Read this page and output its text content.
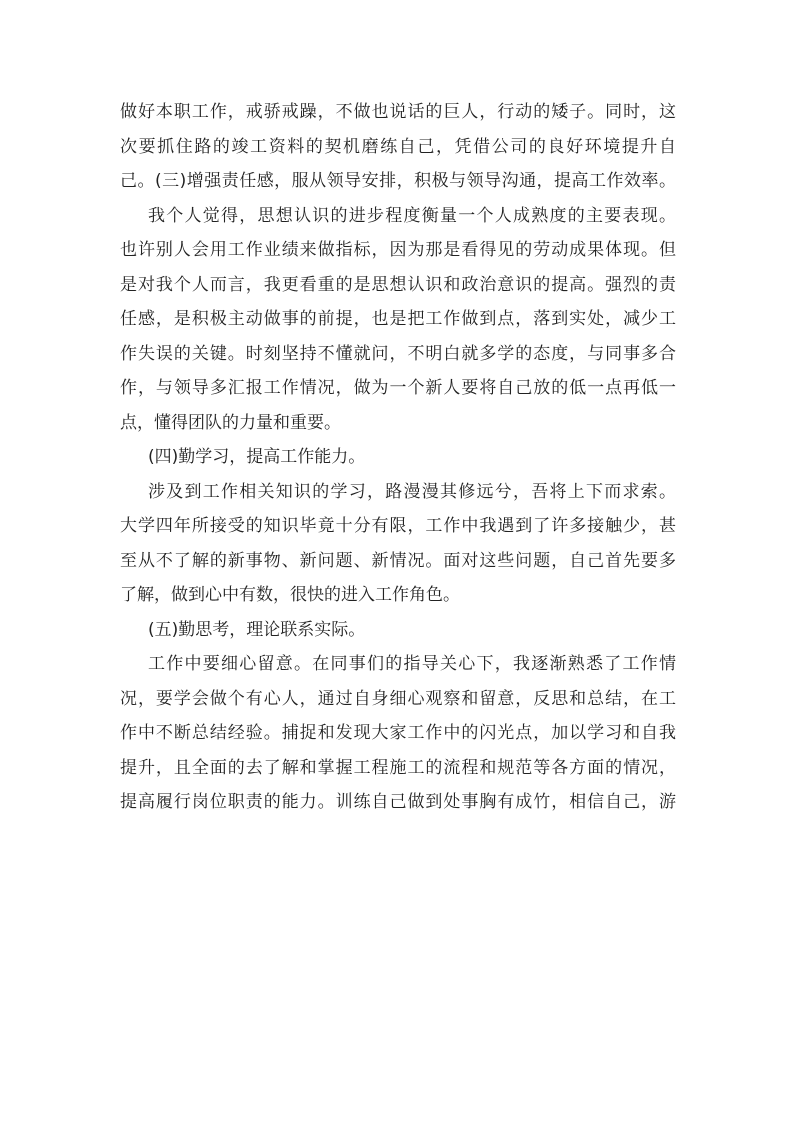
做好本职工作，戒骄戒躁，不做也说话的巨人，行动的矮子。同时，这
次要抓住路的竣工资料的契机磨练自己，凭借公司的良好环境提升自
己。(三)增强责任感，服从领导安排，积极与领导沟通，提高工作效率。
我个人觉得，思想认识的进步程度衡量一个人成熟度的主要表现。
也许别人会用工作业绩来做指标，因为那是看得见的劳动成果体现。但
是对我个人而言，我更看重的是思想认识和政治意识的提高。强烈的责
任感，是积极主动做事的前提，也是把工作做到点，落到实处，减少工
作失误的关键。时刻坚持不懂就问，不明白就多学的态度，与同事多合
作，与领导多汇报工作情况，做为一个新人要将自己放的低一点再低一
点，懂得团队的力量和重要。
(四)勤学习，提高工作能力。
涉及到工作相关知识的学习，路漫漫其修远兮，吾将上下而求索。
大学四年所接受的知识毕竟十分有限，工作中我遇到了许多接触少，甚
至从不了解的新事物、新问题、新情况。面对这些问题，自己首先要多
了解，做到心中有数，很快的进入工作角色。
(五)勤思考，理论联系实际。
工作中要细心留意。在同事们的指导关心下，我逐渐熟悉了工作情
况，要学会做个有心人，通过自身细心观察和留意，反思和总结，在工
作中不断总结经验。捕捉和发现大家工作中的闪光点，加以学习和自我
提升，且全面的去了解和掌握工程施工的流程和规范等各方面的情况，
提高履行岗位职责的能力。训练自己做到处事胸有成竹，相信自己，游
